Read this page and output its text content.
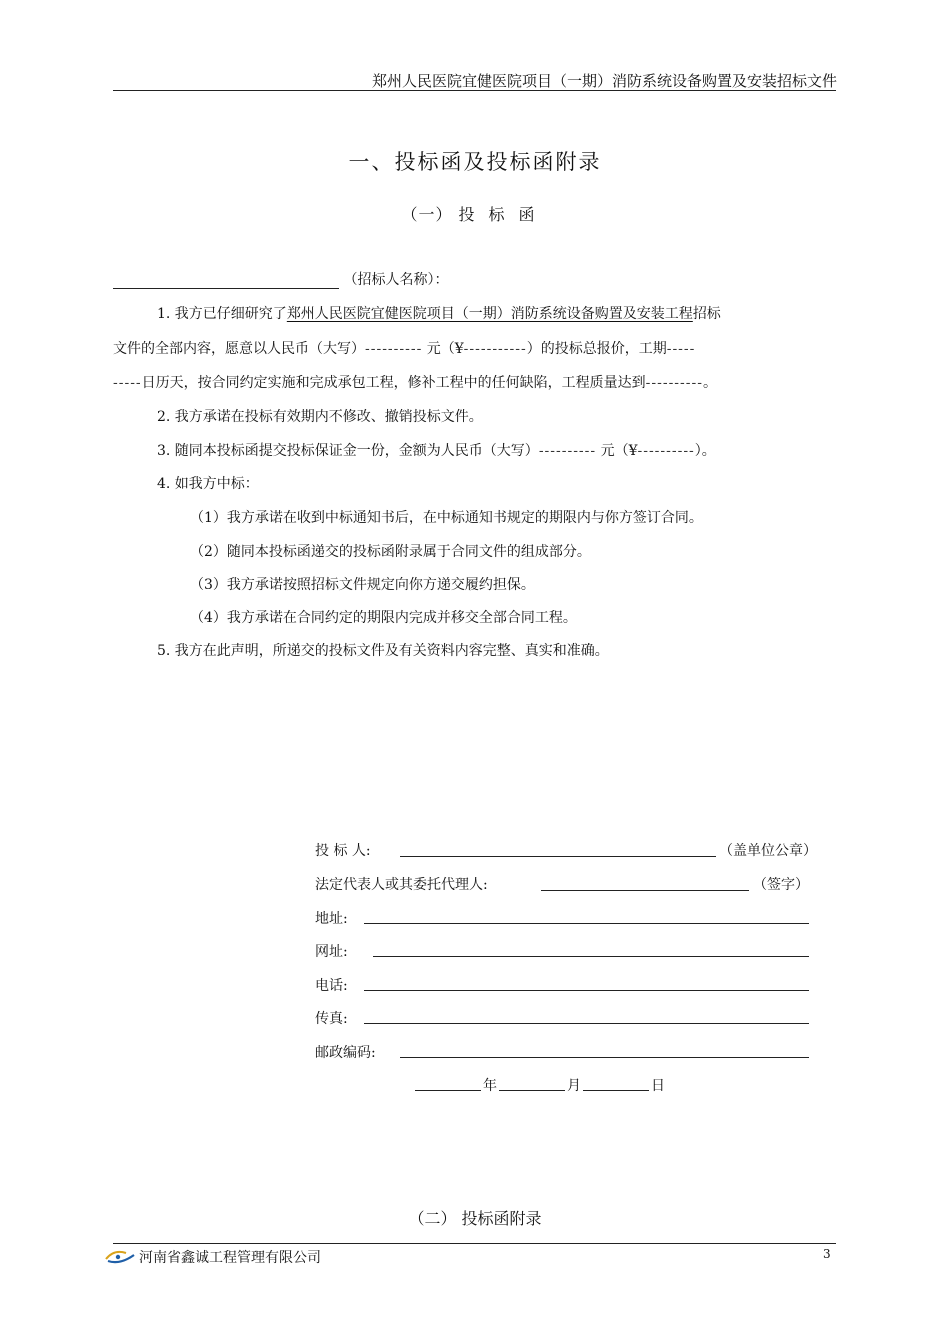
郑州人民医院宜健医院项目（一期）消防系统设备购置及安装招标文件
一、投标函及投标函附录
（一） 投标函
（招标人名称）：
1. 我方已仔细研究了郑州人民医院宜健医院项目（一期）消防系统设备购置及安装工程招标
文件的全部内容，愿意以人民币（大写）---------- 元（¥-----------）的投标总报价，工期-----
-----日历天，按合同约定实施和完成承包工程，修补工程中的任何缺陷，工程质量达到----------。
2. 我方承诺在投标有效期内不修改、撤销投标文件。
3. 随同本投标函提交投标保证金一份，金额为人民币（大写）---------- 元（¥----------）。
4. 如我方中标：
（1）我方承诺在收到中标通知书后，在中标通知书规定的期限内与你方签订合同。
（2）随同本投标函递交的投标函附录属于合同文件的组成部分。
（3）我方承诺按照招标文件规定向你方递交履约担保。
（4）我方承诺在合同约定的期限内完成并移交全部合同工程。
5. 我方在此声明，所递交的投标文件及有关资料内容完整、真实和准确。
投 标 人:	（盖单位公章）
法定代表人或其委托代理人:	（签字）
地址:
网址:
电话:
传真:
邮政编码:
年	月	日
（二） 投标函附录
河南省鑫诚工程管理有限公司	3
